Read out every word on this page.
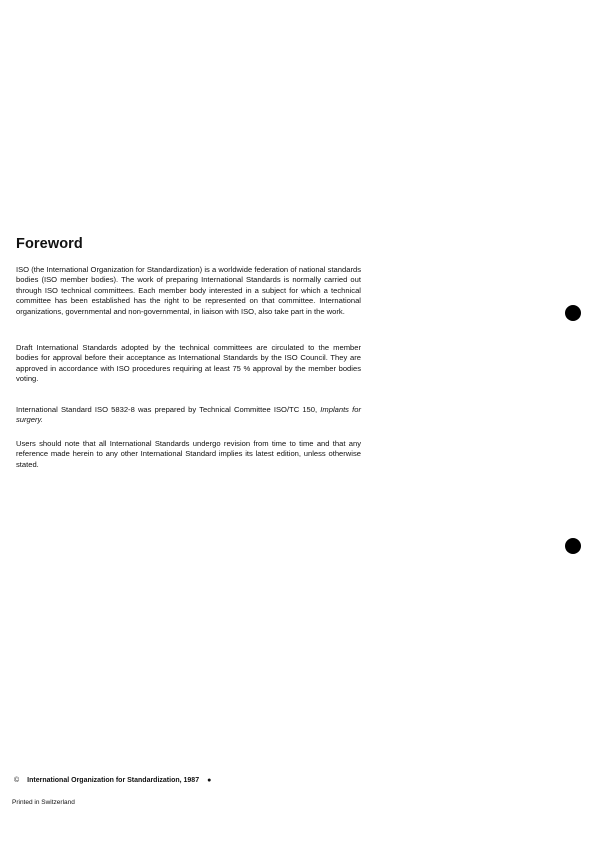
Foreword

ISO (the International Organization for Standardization) is a worldwide federation of national standards bodies (ISO member bodies). The work of preparing International Standards is normally carried out through ISO technical committees. Each member body interested in a subject for which a technical committee has been established has the right to be represented on that committee. International organizations, governmental and non-governmental, in liaison with ISO, also take part in the work.

Draft International Standards adopted by the technical committees are circulated to the member bodies for approval before their acceptance as International Standards by the ISO Council. They are approved in accordance with ISO procedures requiring at least 75 % approval by the member bodies voting.

International Standard ISO 5832-8 was prepared by Technical Committee ISO/TC 150, Implants for surgery.

Users should note that all International Standards undergo revision from time to time and that any reference made herein to any other International Standard implies its latest edition, unless otherwise stated.

© International Organization for Standardization, 1987 ●

Printed in Switzerland
